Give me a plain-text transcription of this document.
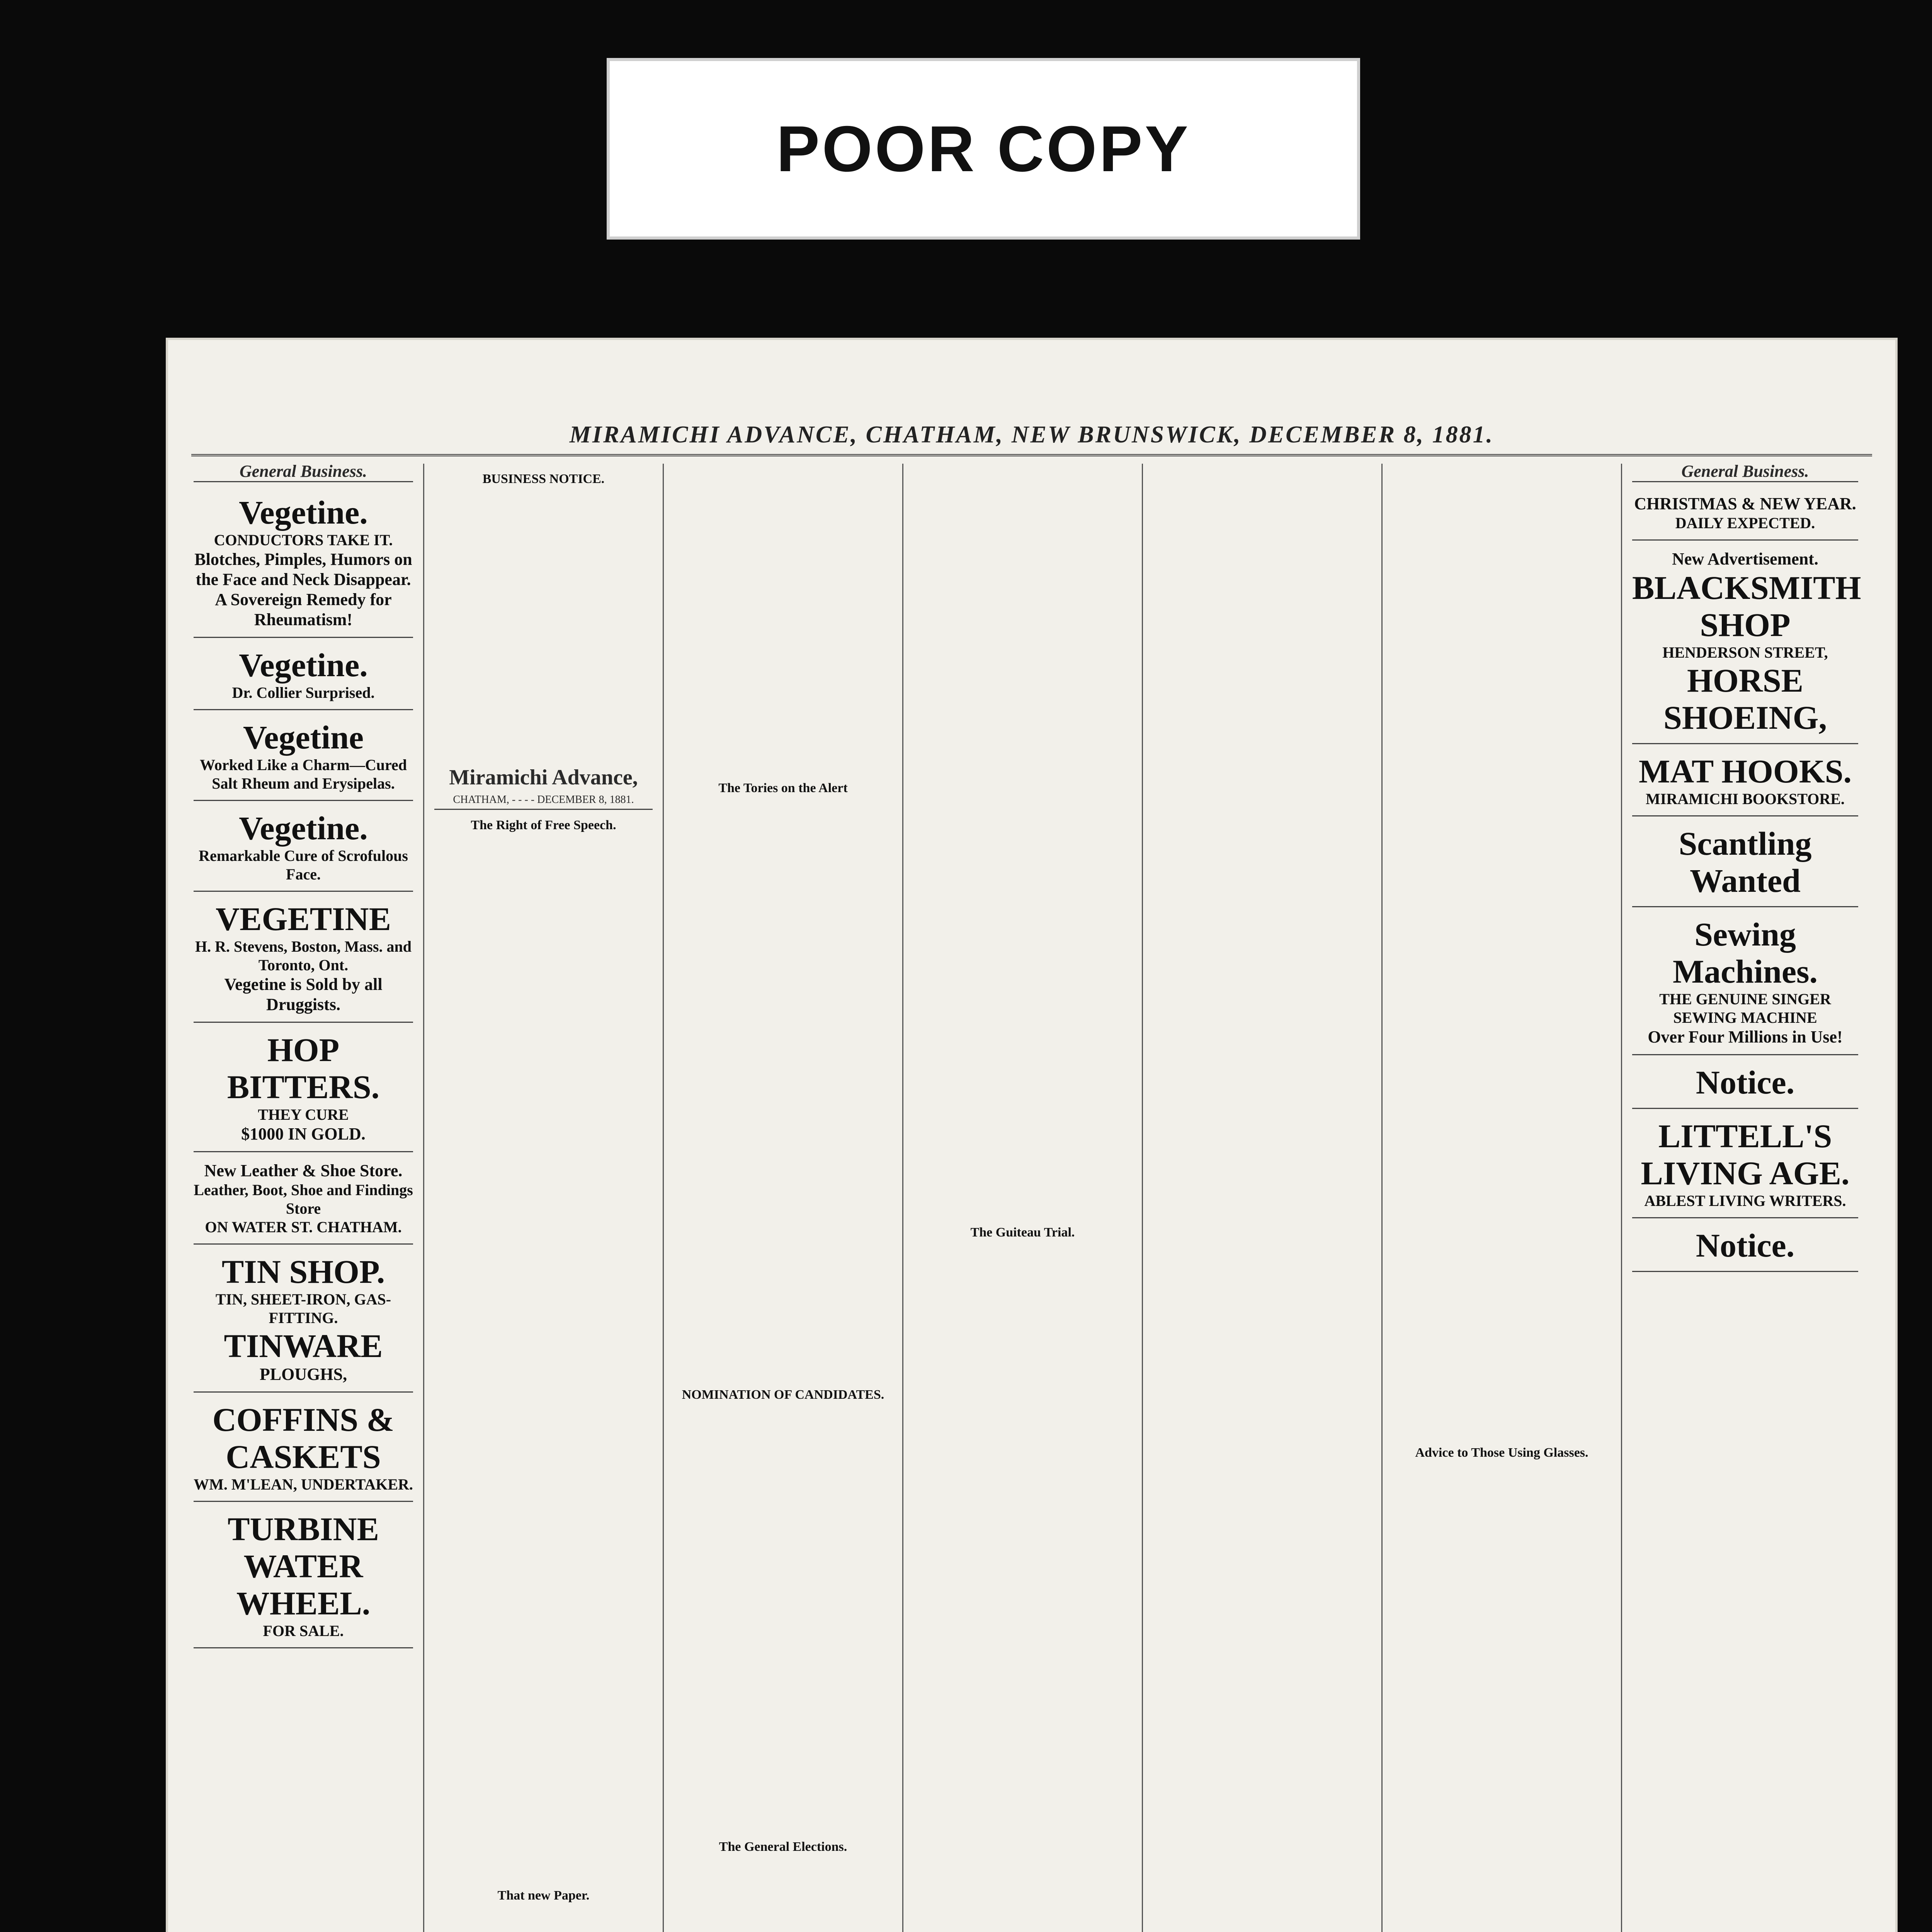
POOR COPY
MIRAMICHI ADVANCE, CHATHAM, NEW BRUNSWICK, DECEMBER 8, 1881.
General Business.
Vegetine.
CONDUCTORS TAKE IT.
Blotches, Pimples, Humors on the Face and Neck Disappear.
A Sovereign Remedy for Rheumatism!
Vegetine.
Dr. Collier Surprised.
Vegetine
Worked Like a Charm—Cured Salt Rheum and Erysipelas.
Vegetine.
Remarkable Cure of Scrofulous Face.
VEGETINE
H. R. Stevens, Boston, Mass. and Toronto, Ont.
Vegetine is Sold by all Druggists.
HOP BITTERS.
THEY CURE
$1000 IN GOLD.
New Leather & Shoe Store.
Leather, Boot, Shoe and Findings Store
ON WATER ST. CHATHAM.
TIN SHOP.
TIN, SHEET-IRON, GAS-FITTING.
TINWARE
PLOUGHS,
COFFINS & CASKETS
WM. M'LEAN, UNDERTAKER.
TURBINE WATER WHEEL.
FOR SALE.
BUSINESS NOTICE.
Miramichi Advance,
CHATHAM, - - - - DECEMBER 8, 1881.
The Right of Free Speech.
That new Paper.
The Tories on the Alert
NOMINATION OF CANDIDATES.
The General Elections.
The Guiteau Trial.
Advice to Those Using Glasses.
General Business.
CHRISTMAS & NEW YEAR.
DAILY EXPECTED.
New Advertisement.
BLACKSMITH SHOP
HENDERSON STREET,
HORSE SHOEING,
MAT HOOKS.
MIRAMICHI BOOKSTORE.
Scantling Wanted
Sewing Machines.
THE GENUINE SINGER SEWING MACHINE
Over Four Millions in Use!
Notice.
LITTELL'S LIVING AGE.
ABLEST LIVING WRITERS.
Notice.
